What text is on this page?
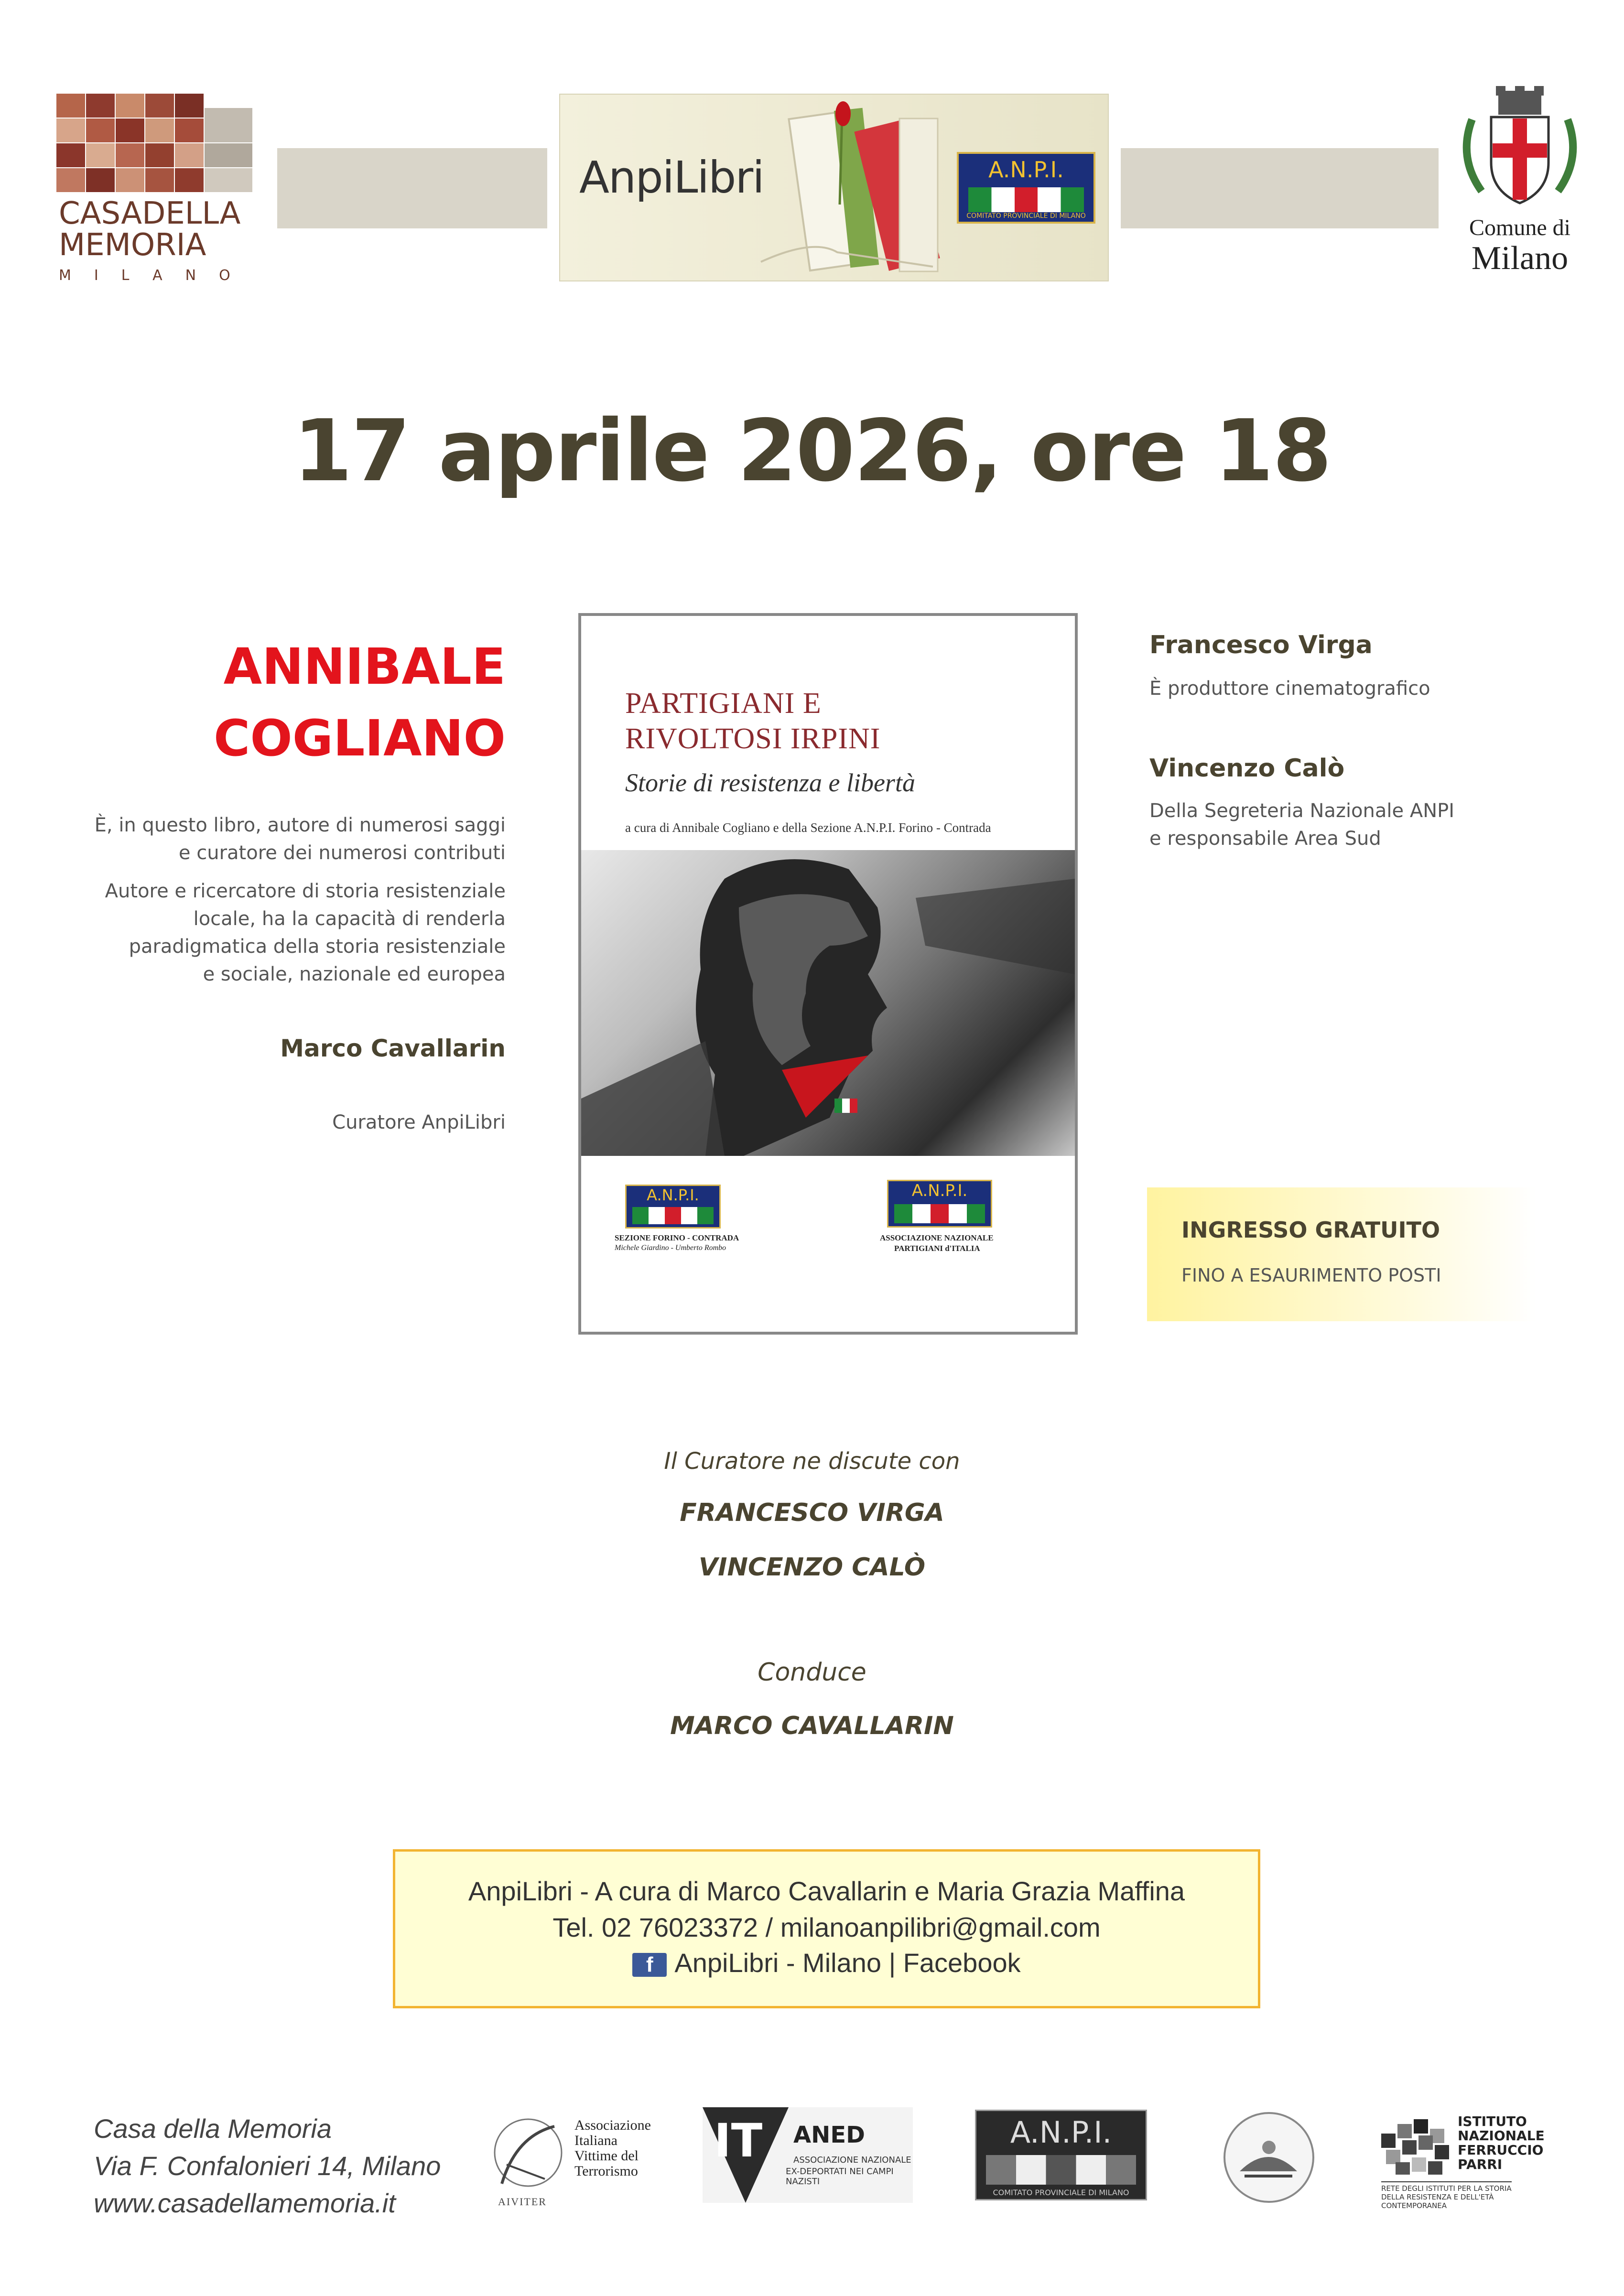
CASADELLA
MEMORIA
MILANO
AnpiLibri	A.N.P.I.
COMITATO PROVINCIALE DI MILANO	Comune di
Milano
17 aprile 2026, ore 18
ANNIBALE
COGLIANO
È, in questo libro, autore di numerosi saggi
e curatore dei numerosi contributi
Autore e ricercatore di storia resistenziale
locale, ha la capacità di renderla
paradigmatica della storia resistenziale
e sociale, nazionale ed europea
Marco Cavallarin
Curatore AnpiLibri
PARTIGIANI E
RIVOLTOSI IRPINI
Storie di resistenza e libertà
a cura di Annibale Cogliano e della Sezione A.N.P.I. Forino - Contrada
A.N.P.I.
SEZIONE FORINO - CONTRADA
Michele Giardino - Umberto Rombo
A.N.P.I.
ASSOCIAZIONE NAZIONALE
PARTIGIANI d'ITALIA
Francesco Virga
È produttore cinematografico
Vincenzo Calò
Della Segreteria Nazionale ANPI
e responsabile Area Sud
INGRESSO GRATUITO
FINO A ESAURIMENTO POSTI
Il Curatore ne discute con
FRANCESCO VIRGA
VINCENZO CALÒ
Conduce
MARCO CAVALLARIN
AnpiLibri - A cura di Marco Cavallarin e Maria Grazia Maffina
Tel. 02 76023372 / milanoanpilibri@gmail.com
f AnpiLibri - Milano | Facebook
Casa della Memoria
Via F. Confalonieri 14, Milano
www.casadellamemoria.it	AIVITER
Associazione
Italiana
Vittime del
Terrorismo
IT ANED
ASSOCIAZIONE NAZIONALE
EX-DEPORTATI NEI CAMPI NAZISTI
A.N.P.I.
COMITATO PROVINCIALE DI MILANO
ISTITUTO
NAZIONALE
FERRUCCIO
PARRI
RETE DEGLI ISTITUTI PER LA STORIA
DELLA RESISTENZA E DELL'ETÀ
CONTEMPORANEA
